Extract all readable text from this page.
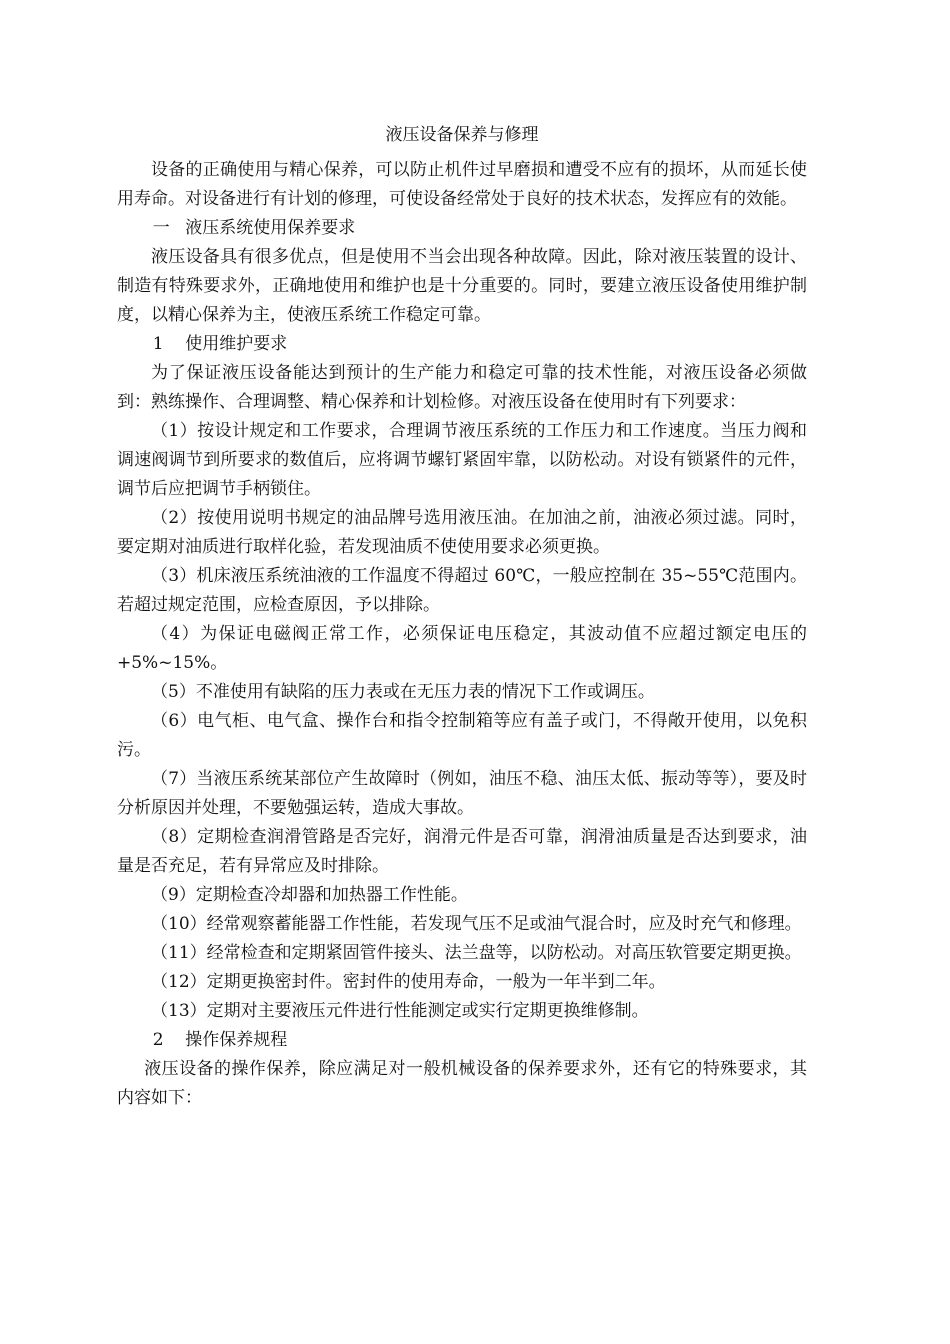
液压设备保养与修理

设备的正确使用与精心保养，可以防止机件过早磨损和遭受不应有的损坏，从而延长使用寿命。对设备进行有计划的修理，可使设备经常处于良好的技术状态，发挥应有的效能。

一 液压系统使用保养要求

液压设备具有很多优点，但是使用不当会出现各种故障。因此，除对液压装置的设计、制造有特殊要求外，正确地使用和维护也是十分重要的。同时，要建立液压设备使用维护制度，以精心保养为主，使液压系统工作稳定可靠。

1 使用维护要求

为了保证液压设备能达到预计的生产能力和稳定可靠的技术性能，对液压设备必须做到：熟练操作、合理调整、精心保养和计划检修。对液压设备在使用时有下列要求：

（1）按设计规定和工作要求，合理调节液压系统的工作压力和工作速度。当压力阀和调速阀调节到所要求的数值后，应将调节螺钉紧固牢靠，以防松动。对设有锁紧件的元件，调节后应把调节手柄锁住。

（2）按使用说明书规定的油品牌号选用液压油。在加油之前，油液必须过滤。同时，要定期对油质进行取样化验，若发现油质不使使用要求必须更换。

（3）机床液压系统油液的工作温度不得超过 60℃，一般应控制在 35~55℃范围内。若超过规定范围，应检查原因，予以排除。

（4）为保证电磁阀正常工作，必须保证电压稳定，其波动值不应超过额定电压的+5%~15%。

（5）不准使用有缺陷的压力表或在无压力表的情况下工作或调压。

（6）电气柜、电气盒、操作台和指令控制箱等应有盖子或门，不得敞开使用，以免积污。

（7）当液压系统某部位产生故障时（例如，油压不稳、油压太低、振动等等），要及时分析原因并处理，不要勉强运转，造成大事故。

（8）定期检查润滑管路是否完好，润滑元件是否可靠，润滑油质量是否达到要求，油量是否充足，若有异常应及时排除。

（9）定期检查冷却器和加热器工作性能。

（10）经常观察蓄能器工作性能，若发现气压不足或油气混合时，应及时充气和修理。

（11）经常检查和定期紧固管件接头、法兰盘等，以防松动。对高压软管要定期更换。

（12）定期更换密封件。密封件的使用寿命，一般为一年半到二年。

（13）定期对主要液压元件进行性能测定或实行定期更换维修制。

2 操作保养规程

液压设备的操作保养，除应满足对一般机械设备的保养要求外，还有它的特殊要求，其内容如下：
